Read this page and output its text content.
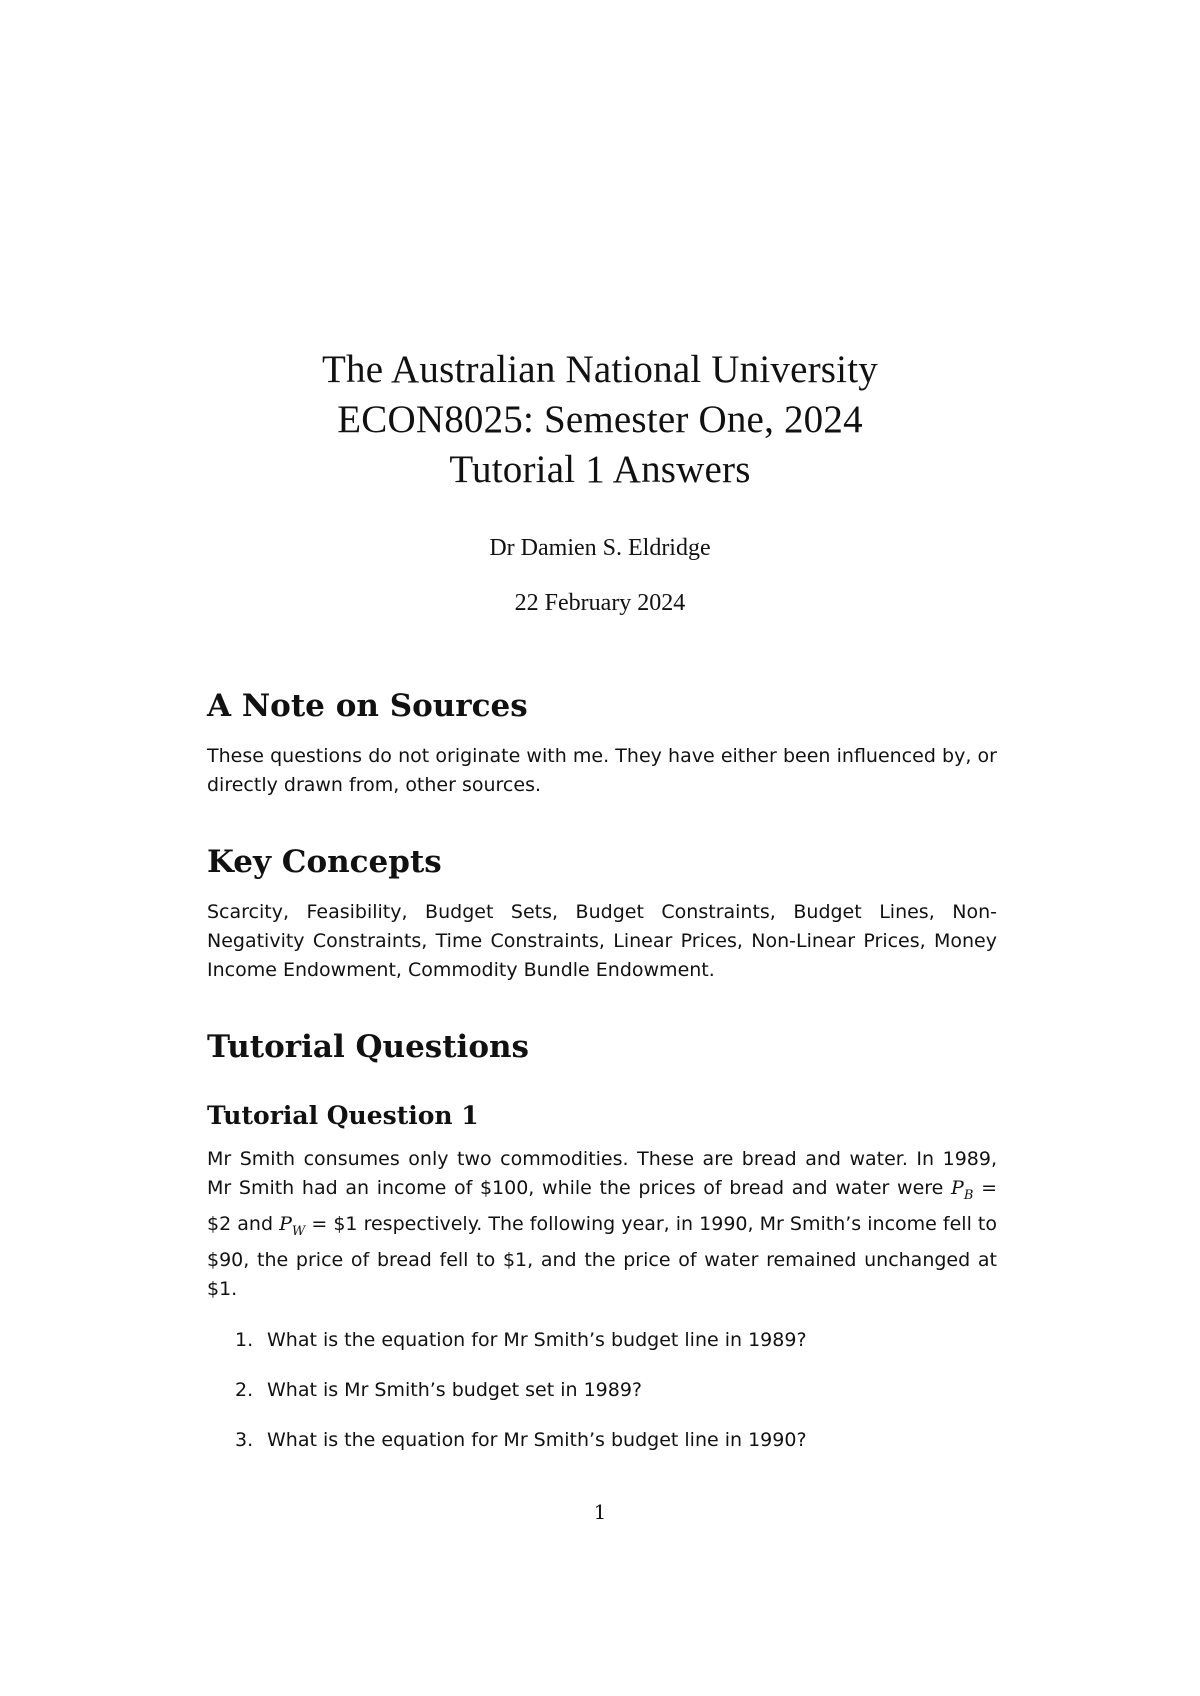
The Australian National University
ECON8025: Semester One, 2024
Tutorial 1 Answers
Dr Damien S. Eldridge
22 February 2024
A Note on Sources

These questions do not originate with me. They have either been influenced by, or directly drawn from, other sources.

Key Concepts

Scarcity, Feasibility, Budget Sets, Budget Constraints, Budget Lines, Non-Negativity Constraints, Time Constraints, Linear Prices, Non-Linear Prices, Money Income Endowment, Commodity Bundle Endowment.

Tutorial Questions
Tutorial Question 1

Mr Smith consumes only two commodities. These are bread and water. In 1989, Mr Smith had an income of $100, while the prices of bread and water were $P_B$ = $2 and $P_W$ = $1 respectively. The following year, in 1990, Mr Smith’s income fell to $90, the price of bread fell to $1, and the price of water remained unchanged at $1.

1. What is the equation for Mr Smith’s budget line in 1989?
2. What is Mr Smith’s budget set in 1989?
3. What is the equation for Mr Smith’s budget line in 1990?
1
